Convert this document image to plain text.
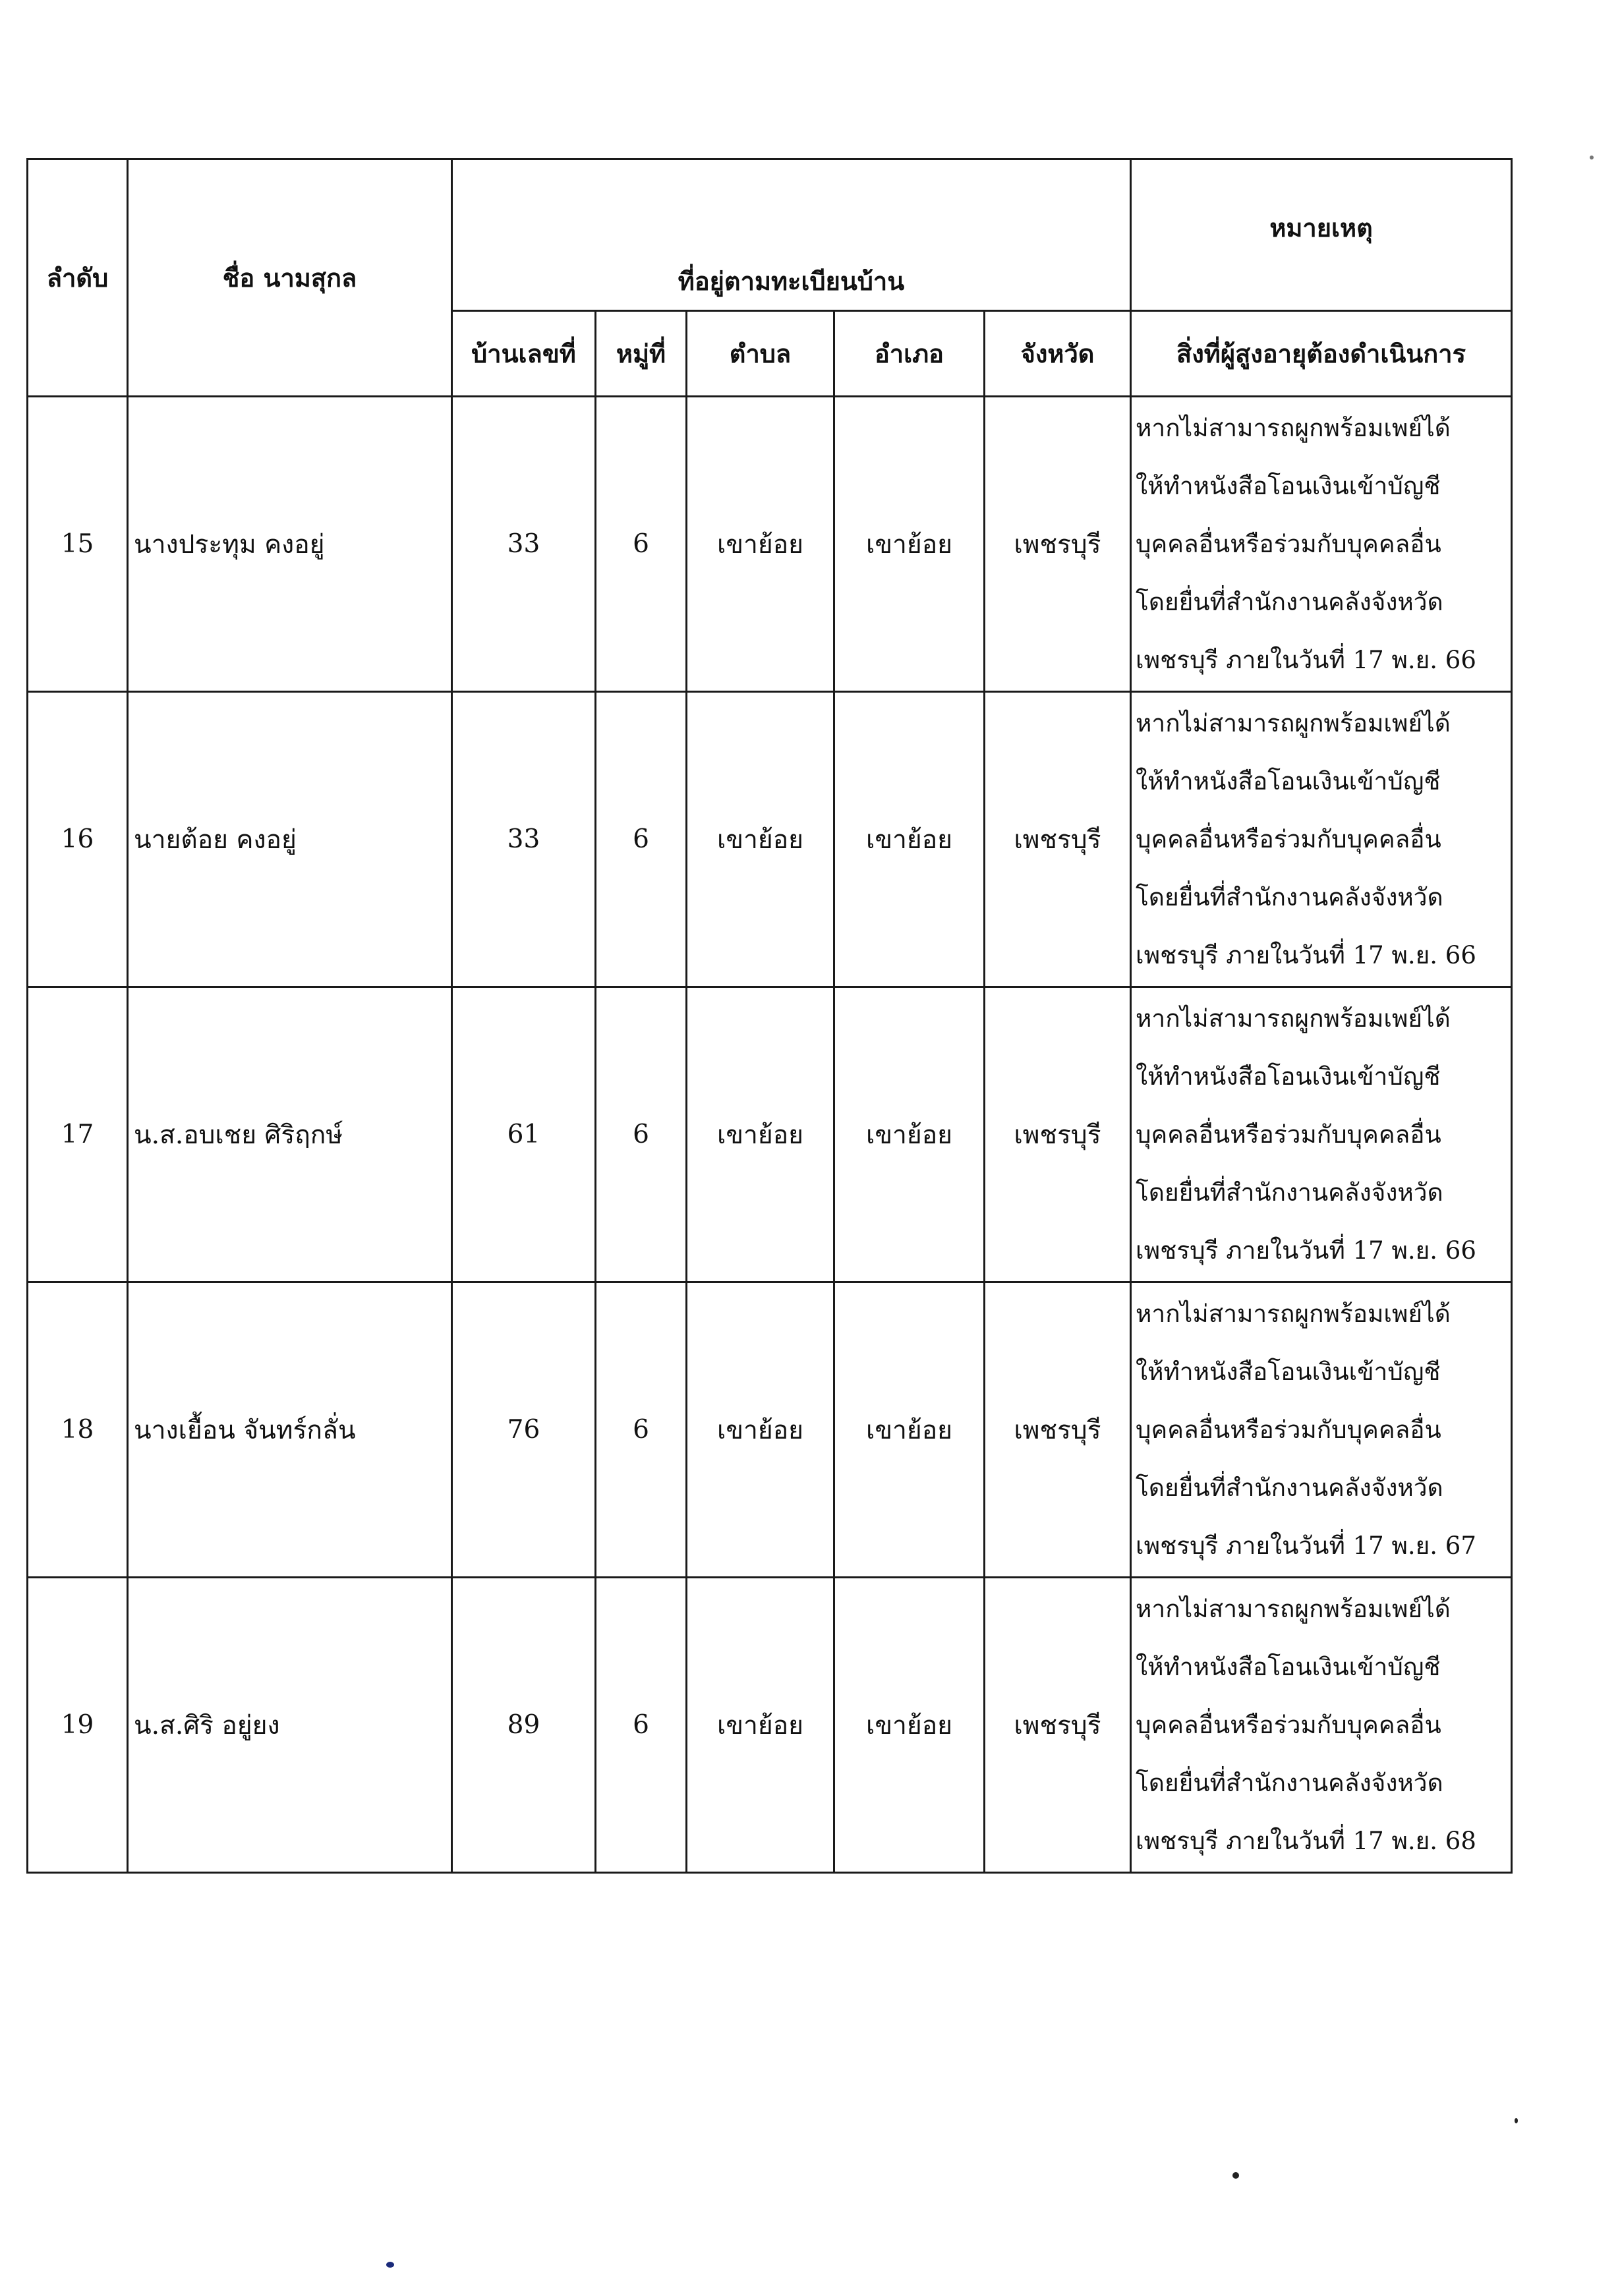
ลำดับ	ชื่อ นามสุกล	ที่อยู่ตามทะเบียนบ้าน					หมายเหตุ
		บ้านเลขที่	หมู่ที่	ตำบล	อำเภอ	จังหวัด	สิ่งที่ผู้สูงอายุต้องดำเนินการ
15	นางประทุม คงอยู่	33	6	เขาย้อย	เขาย้อย	เพชรบุรี	หากไม่สามารถผูกพร้อมเพย์ได้
ให้ทำหนังสือโอนเงินเข้าบัญชี
บุคคลอื่นหรือร่วมกับบุคคลอื่น
โดยยื่นที่สำนักงานคลังจังหวัด
เพชรบุรี ภายในวันที่ 17 พ.ย. 66

16	นายต้อย คงอยู่	33	6	เขาย้อย	เขาย้อย	เพชรบุรี	หากไม่สามารถผูกพร้อมเพย์ได้
ให้ทำหนังสือโอนเงินเข้าบัญชี
บุคคลอื่นหรือร่วมกับบุคคลอื่น
โดยยื่นที่สำนักงานคลังจังหวัด
เพชรบุรี ภายในวันที่ 17 พ.ย. 66

17	น.ส.อบเชย ศิริฤกษ์	61	6	เขาย้อย	เขาย้อย	เพชรบุรี	หากไม่สามารถผูกพร้อมเพย์ได้
ให้ทำหนังสือโอนเงินเข้าบัญชี
บุคคลอื่นหรือร่วมกับบุคคลอื่น
โดยยื่นที่สำนักงานคลังจังหวัด
เพชรบุรี ภายในวันที่ 17 พ.ย. 66

18	นางเยื้อน จันทร์กลั่น	76	6	เขาย้อย	เขาย้อย	เพชรบุรี	หากไม่สามารถผูกพร้อมเพย์ได้
ให้ทำหนังสือโอนเงินเข้าบัญชี
บุคคลอื่นหรือร่วมกับบุคคลอื่น
โดยยื่นที่สำนักงานคลังจังหวัด
เพชรบุรี ภายในวันที่ 17 พ.ย. 67

19	น.ส.ศิริ อยู่ยง	89	6	เขาย้อย	เขาย้อย	เพชรบุรี	หากไม่สามารถผูกพร้อมเพย์ได้
ให้ทำหนังสือโอนเงินเข้าบัญชี
บุคคลอื่นหรือร่วมกับบุคคลอื่น
โดยยื่นที่สำนักงานคลังจังหวัด
เพชรบุรี ภายในวันที่ 17 พ.ย. 68
